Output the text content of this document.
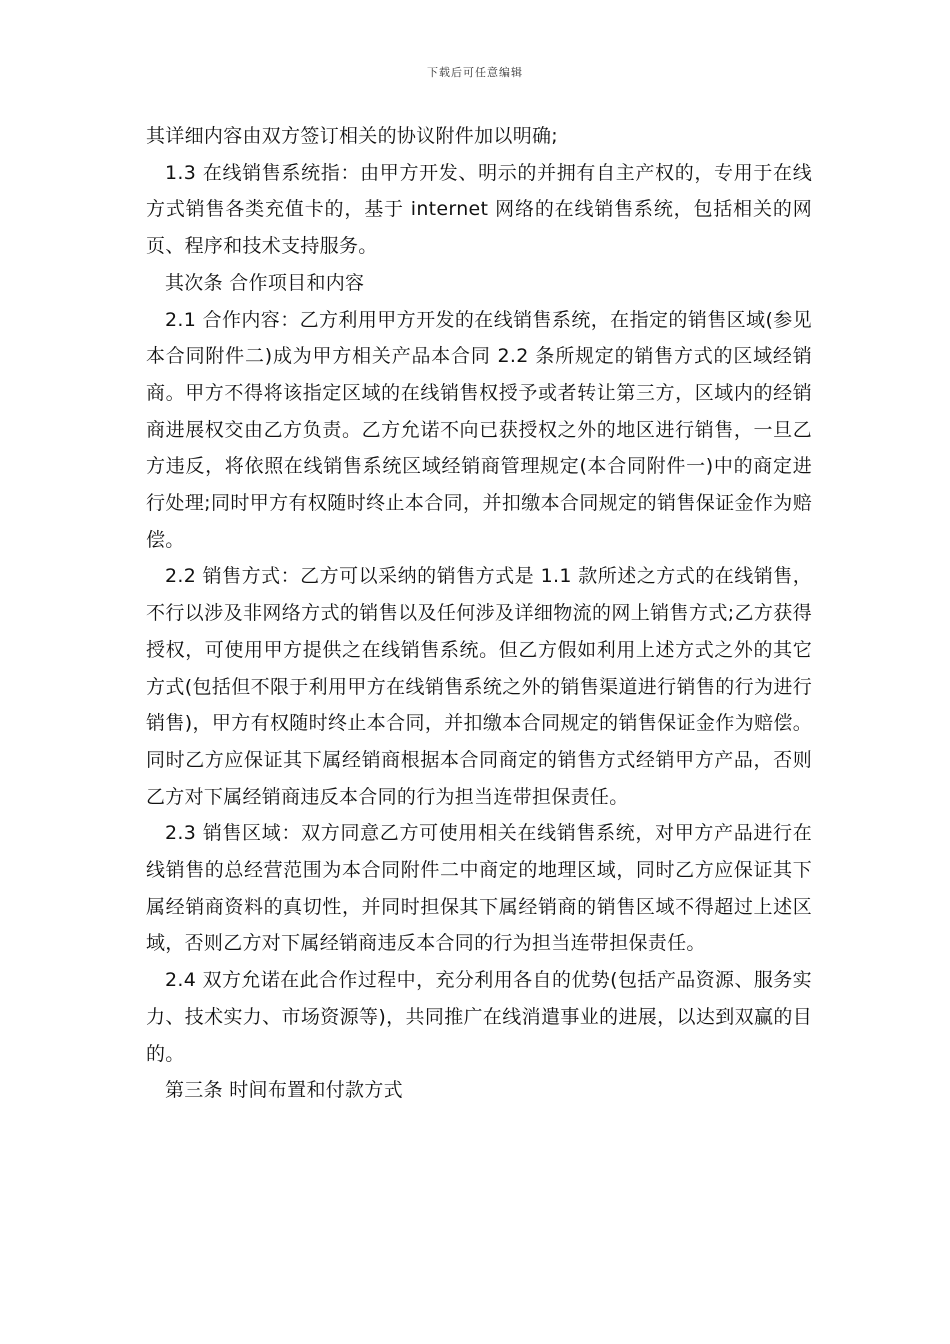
下载后可任意编辑

其详细内容由双方签订相关的协议附件加以明确;

1.3 在线销售系统指：由甲方开发、明示的并拥有自主产权的，专用于在线方式销售各类充值卡的，基于 internet 网络的在线销售系统，包括相关的网页、程序和技术支持服务。

其次条 合作项目和内容

2.1 合作内容：乙方利用甲方开发的在线销售系统，在指定的销售区域(参见本合同附件二)成为甲方相关产品本合同 2.2 条所规定的销售方式的区域经销商。甲方不得将该指定区域的在线销售权授予或者转让第三方，区域内的经销商进展权交由乙方负责。乙方允诺不向已获授权之外的地区进行销售，一旦乙方违反，将依照在线销售系统区域经销商管理规定(本合同附件一)中的商定进行处理;同时甲方有权随时终止本合同，并扣缴本合同规定的销售保证金作为赔偿。

2.2 销售方式：乙方可以采纳的销售方式是 1.1 款所述之方式的在线销售，不行以涉及非网络方式的销售以及任何涉及详细物流的网上销售方式;乙方获得授权，可使用甲方提供之在线销售系统。但乙方假如利用上述方式之外的其它方式(包括但不限于利用甲方在线销售系统之外的销售渠道进行销售的行为进行销售)，甲方有权随时终止本合同，并扣缴本合同规定的销售保证金作为赔偿。同时乙方应保证其下属经销商根据本合同商定的销售方式经销甲方产品，否则乙方对下属经销商违反本合同的行为担当连带担保责任。

2.3 销售区域：双方同意乙方可使用相关在线销售系统，对甲方产品进行在线销售的总经营范围为本合同附件二中商定的地理区域，同时乙方应保证其下属经销商资料的真切性，并同时担保其下属经销商的销售区域不得超过上述区域，否则乙方对下属经销商违反本合同的行为担当连带担保责任。

2.4 双方允诺在此合作过程中，充分利用各自的优势(包括产品资源、服务实力、技术实力、市场资源等)，共同推广在线消遣事业的进展，以达到双赢的目的。

第三条 时间布置和付款方式
